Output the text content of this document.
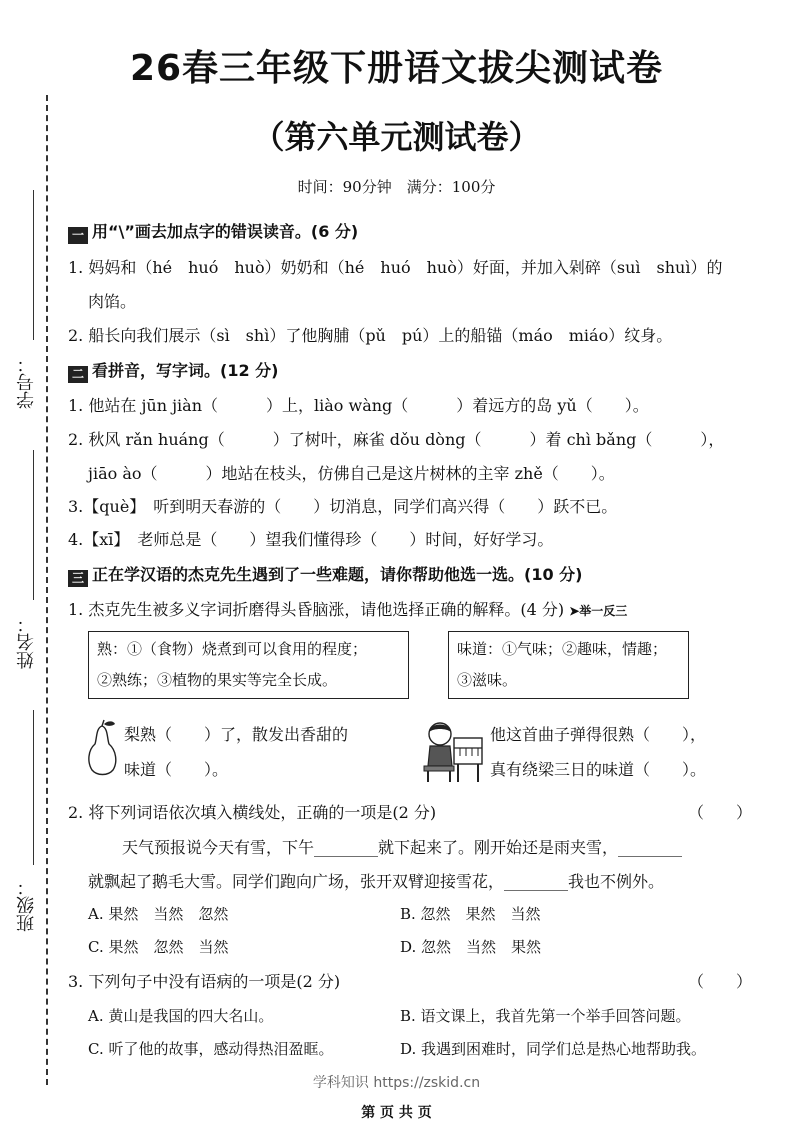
26春三年级下册语文拔尖测试卷
（第六单元测试卷）
时间：90分钟　满分：100分
学号：
姓名：
班级：
一 用“\”画去加点字的错误读音。(6 分)
1. 妈妈和（hé　huó　huò）奶奶和（hé　huó　huò）好面，并加入剁碎（suì　shuì）的
肉馅。
2. 船长向我们展示（sì　shì）了他胸脯（pǔ　pú）上的船锚（máo　miáo）纹身。
二 看拼音，写字词。(12 分)
1. 他站在 jūn jiàn（　　　）上，liào wàng（　　　）着远方的岛 yǔ（　　）。
2. 秋风 rǎn huáng（　　　）了树叶，麻雀 dǒu dòng（　　　）着 chì bǎng（　　　），
jiāo ào（　　　）地站在枝头，仿佛自己是这片树林的主宰 zhě（　　）。
3.【què】　听到明天春游的（　　）切消息，同学们高兴得（　　）跃不已。
4.【xī】　老师总是（　　）望我们懂得珍（　　）时间，好好学习。
三 正在学汉语的杰克先生遇到了一些难题，请你帮助他选一选。(10 分)
1. 杰克先生被多义字词折磨得头昏脑涨，请他选择正确的解释。(4 分) ➤举一反三
熟：①（食物）烧煮到可以食用的程度；
②熟练；③植物的果实等完全长成。
味道：①气味；②趣味，情趣；
③滋味。
梨熟（　　）了，散发出香甜的
味道（　　）。
他这首曲子弹得很熟（　　），
真有绕梁三日的味道（　　）。
2. 将下列词语依次填入横线处，正确的一项是(2 分)	（　　）
天气预报说今天有雪，下午________就下起来了。刚开始还是雨夹雪，________
就飘起了鹅毛大雪。同学们跑向广场，张开双臂迎接雪花，________我也不例外。
A. 果然　当然　忽然	B. 忽然　果然　当然
C. 果然　忽然　当然	D. 忽然　当然　果然
3. 下列句子中没有语病的一项是(2 分)	（　　）
A. 黄山是我国的四大名山。	B. 语文课上，我首先第一个举手回答问题。
C. 听了他的故事，感动得热泪盈眶。	D. 我遇到困难时，同学们总是热心地帮助我。
学科知识 https://zskid.cn
第 页 共 页
